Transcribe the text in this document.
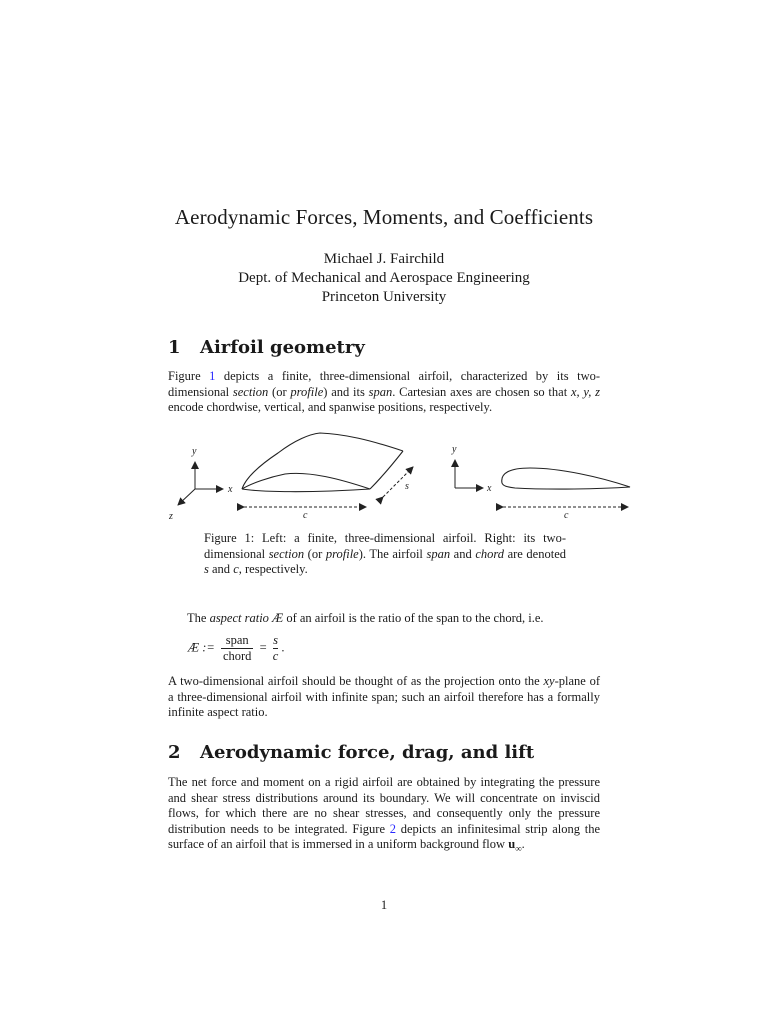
Aerodynamic Forces, Moments, and Coefficients
Michael J. Fairchild
Dept. of Mechanical and Aerospace Engineering
Princeton University
1 Airfoil geometry
Figure 1 depicts a finite, three-dimensional airfoil, characterized by its two-dimensional section (or profile) and its span. Cartesian axes are chosen so that x, y, z encode chordwise, vertical, and spanwise positions, respectively.
y
x
z
s
c
y
x
c
Figure 1: Left: a finite, three-dimensional airfoil. Right: its two-dimensional section (or profile). The airfoil span and chord are denoted s and c, respectively.
The aspect ratio Æ of an airfoil is the ratio of the span to the chord, i.e.
Æ := $\frac{\text{span}}{\text{chord}} = \frac{s}{c}$ .
A two-dimensional airfoil should be thought of as the projection onto the xy-plane of a three-dimensional airfoil with infinite span; such an airfoil therefore has a formally infinite aspect ratio.
2 Aerodynamic force, drag, and lift
The net force and moment on a rigid airfoil are obtained by integrating the pressure and shear stress distributions around its boundary. We will concentrate on inviscid flows, for which there are no shear stresses, and consequently only the pressure distribution needs to be integrated. Figure 2 depicts an infinitesimal strip along the surface of an airfoil that is immersed in a uniform background flow $u_\infty$.
1
